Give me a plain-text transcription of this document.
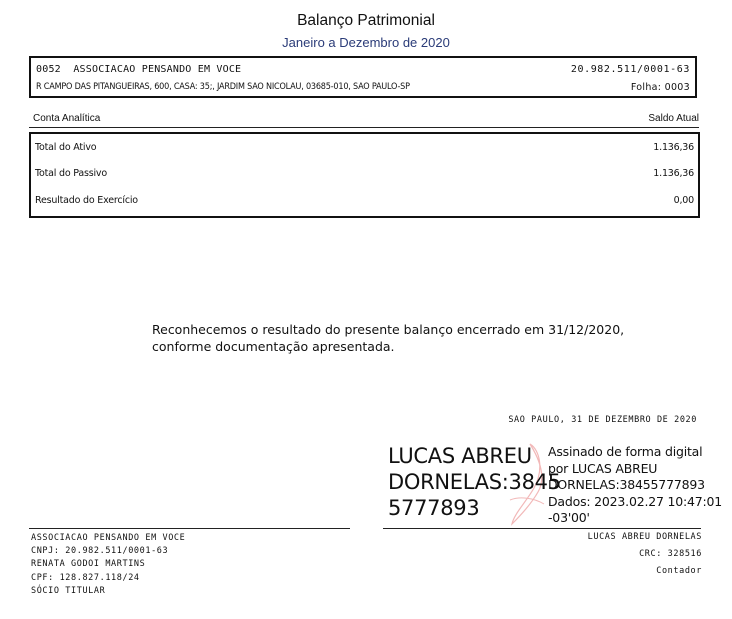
Balanço Patrimonial
Janeiro a Dezembro de 2020
0052  ASSOCIACAO PENSANDO EM VOCE	20.982.511/0001-63
R CAMPO DAS PITANGUEIRAS, 600, CASA: 35;, JARDIM SAO NICOLAU, 03685-010, SAO PAULO-SP	Folha: 0003
Conta Analítica	Saldo Atual
Total do Ativo	1.136,36
Total do Passivo	1.136,36
Resultado do Exercício	0,00
Reconhecemos o resultado do presente balanço encerrado em 31/12/2020,
conforme documentação apresentada.
SAO PAULO, 31 DE DEZEMBRO DE 2020
LUCAS ABREU
DORNELAS:3845
5777893
Assinado de forma digital
por LUCAS ABREU
DORNELAS:38455777893
Dados: 2023.02.27 10:47:01
-03'00'
ASSOCIACAO PENSANDO EM VOCE
CNPJ: 20.982.511/0001-63
RENATA GODOI MARTINS
CPF: 128.827.118/24
SÓCIO TITULAR
LUCAS ABREU DORNELAS
CRC: 328516
Contador
